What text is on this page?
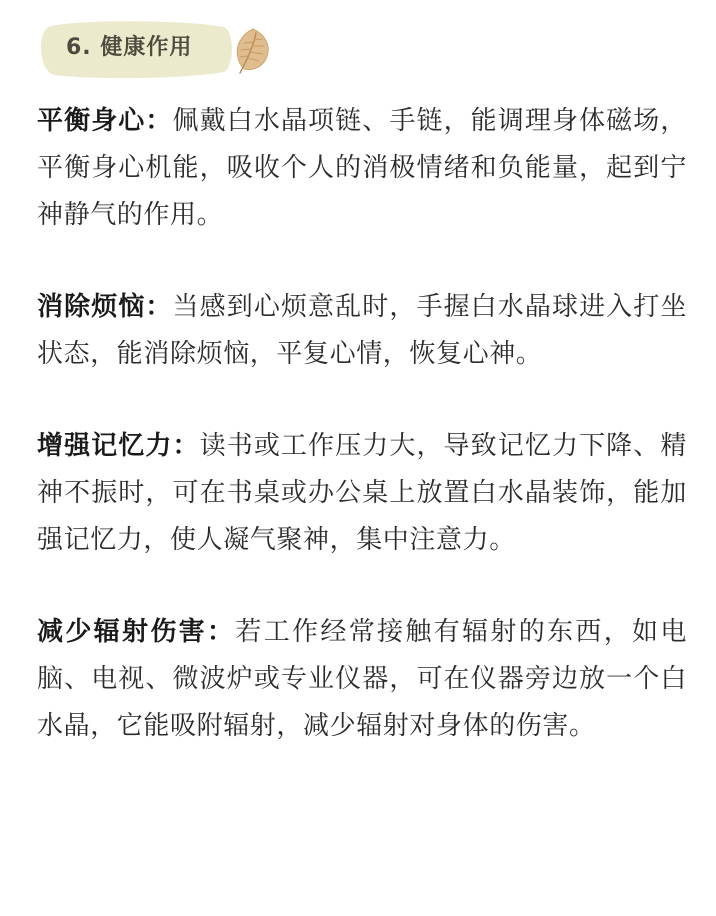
6. 健康作用

平衡身心：佩戴白水晶项链、手链，能调理身体磁场，平衡身心机能，吸收个人的消极情绪和负能量，起到宁神静气的作用。

消除烦恼：当感到心烦意乱时，手握白水晶球进入打坐状态，能消除烦恼，平复心情，恢复心神。

增强记忆力：读书或工作压力大，导致记忆力下降、精神不振时，可在书桌或办公桌上放置白水晶装饰，能加强记忆力，使人凝气聚神，集中注意力。

减少辐射伤害：若工作经常接触有辐射的东西，如电脑、电视、微波炉或专业仪器，可在仪器旁边放一个白水晶，它能吸附辐射，减少辐射对身体的伤害。
